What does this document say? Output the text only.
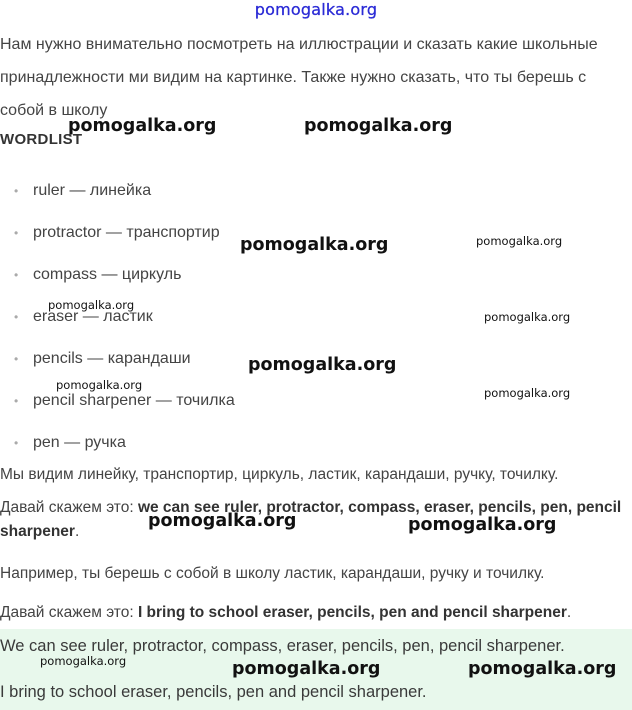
pomogalka.org
Нам нужно внимательно посмотреть на иллюстрации и сказать какие школьные принадлежности ми видим на картинке. Также нужно сказать, что ты берешь с собой в школу
WORDLIST
• ruler — линейка
• protractor — транспортир
• compass — циркуль
• eraser — ластик
• pencils — карандаши
• pencil sharpener — точилка
• pen — ручка
Мы видим линейку, транспортир, циркуль, ластик, карандаши, ручку, точилку.
Давай скажем это: we can see ruler, protractor, compass, eraser, pencils, pen, pencil sharpener.
Например, ты берешь с собой в школу ластик, карандаши, ручку и точилку.
Давай скажем это: I bring to school eraser, pencils, pen and pencil sharpener.
We can see ruler, protractor, compass, eraser, pencils, pen, pencil sharpener.
I bring to school eraser, pencils, pen and pencil sharpener.
pomogalka.org	pomogalka.org
pomogalka.org	pomogalka.org
pomogalka.org
pomogalka.org
pomogalka.org
pomogalka.org
pomogalka.org
pomogalka.org	pomogalka.org
pomogalka.org	pomogalka.org	pomogalka.org
